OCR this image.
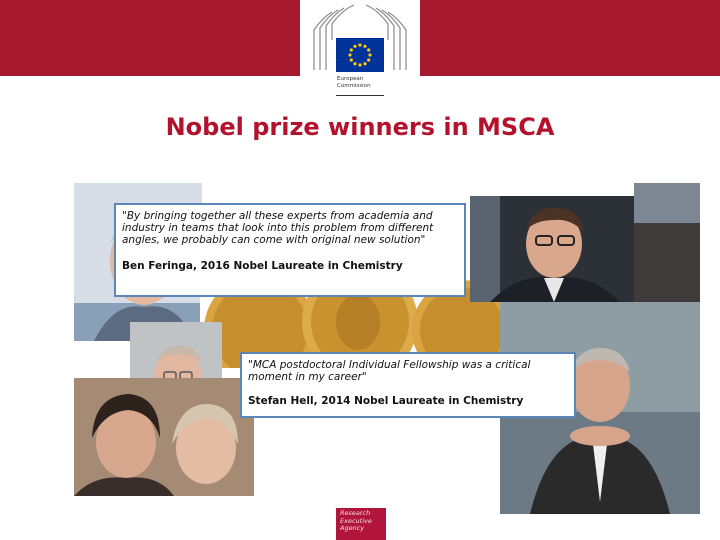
European
Commission
Nobel prize winners in MSCA
"By bringing together all these experts from academia and industry in teams that look into this problem from different angles, we probably can come with original new solution"
Ben Feringa, 2016 Nobel Laureate in Chemistry
"MCA postdoctoral Individual Fellowship was a critical moment in my career"
Stefan Hell, 2014 Nobel Laureate in Chemistry
Research
Executive
Agency
